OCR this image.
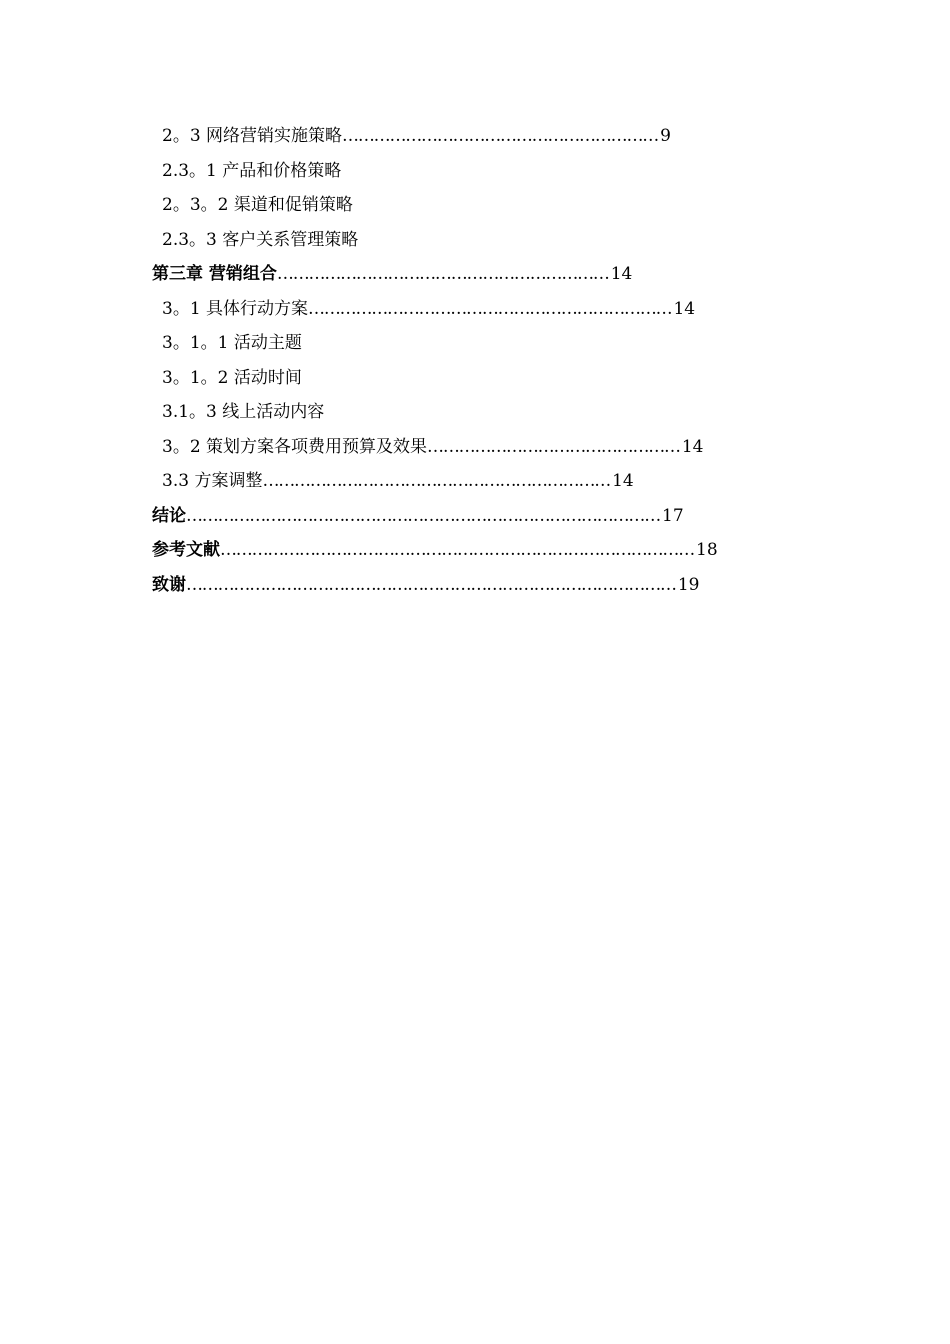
2。3 网络营销实施策略…………………………………………………… 9
2.3。1 产品和价格策略
2。3。2 渠道和促销策略
2.3。3 客户关系管理策略
第三章 营销组合……………………………………………………… 14
3。1 具体行动方案…………………………………………………………… 14
3。1。1 活动主题
3。1。2 活动时间
3.1。3 线上活动内容
3。2 策划方案各项费用预算及效果………………………………………… 14
3.3 方案调整………………………………………………………… 14
结论……………………………………………………………………………… 17
参考文献……………………………………………………………………………… 18
致谢………………………………………………………………………………… 19
